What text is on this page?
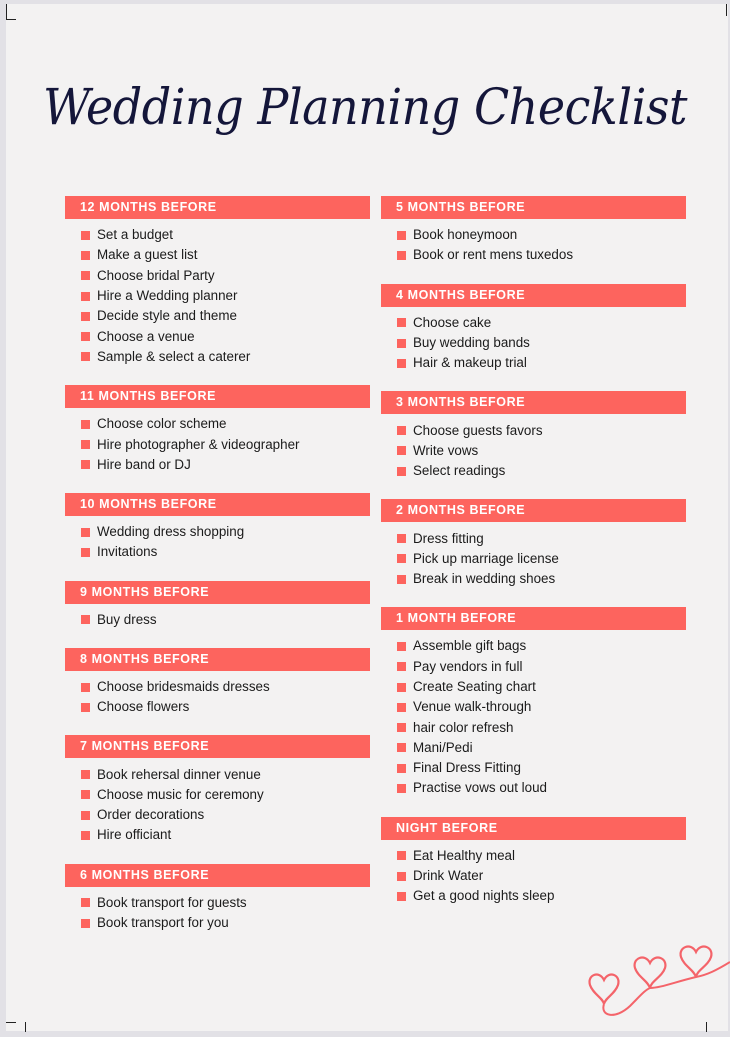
Wedding Planning Checklist
12 MONTHS BEFORE
Set a budget
Make a guest list
Choose bridal Party
Hire a Wedding planner
Decide style and theme
Choose a venue
Sample & select a caterer
11 MONTHS BEFORE
Choose color scheme
Hire photographer & videographer
Hire band or DJ
10 MONTHS BEFORE
Wedding dress shopping
Invitations
9 MONTHS BEFORE
Buy dress
8 MONTHS BEFORE
Choose bridesmaids dresses
Choose flowers
7 MONTHS BEFORE
Book rehersal dinner venue
Choose music for ceremony
Order decorations
Hire officiant
6 MONTHS BEFORE
Book transport for guests
Book transport for you
5 MONTHS BEFORE
Book honeymoon
Book or rent mens tuxedos
4 MONTHS BEFORE
Choose cake
Buy wedding bands
Hair & makeup trial
3 MONTHS BEFORE
Choose guests favors
Write vows
Select readings
2 MONTHS BEFORE
Dress fitting
Pick up marriage license
Break in wedding shoes
1 MONTH BEFORE
Assemble gift bags
Pay vendors in full
Create Seating chart
Venue walk-through
hair color refresh
Mani/Pedi
Final Dress Fitting
Practise vows out loud
NIGHT BEFORE
Eat Healthy meal
Drink Water
Get a good nights sleep
